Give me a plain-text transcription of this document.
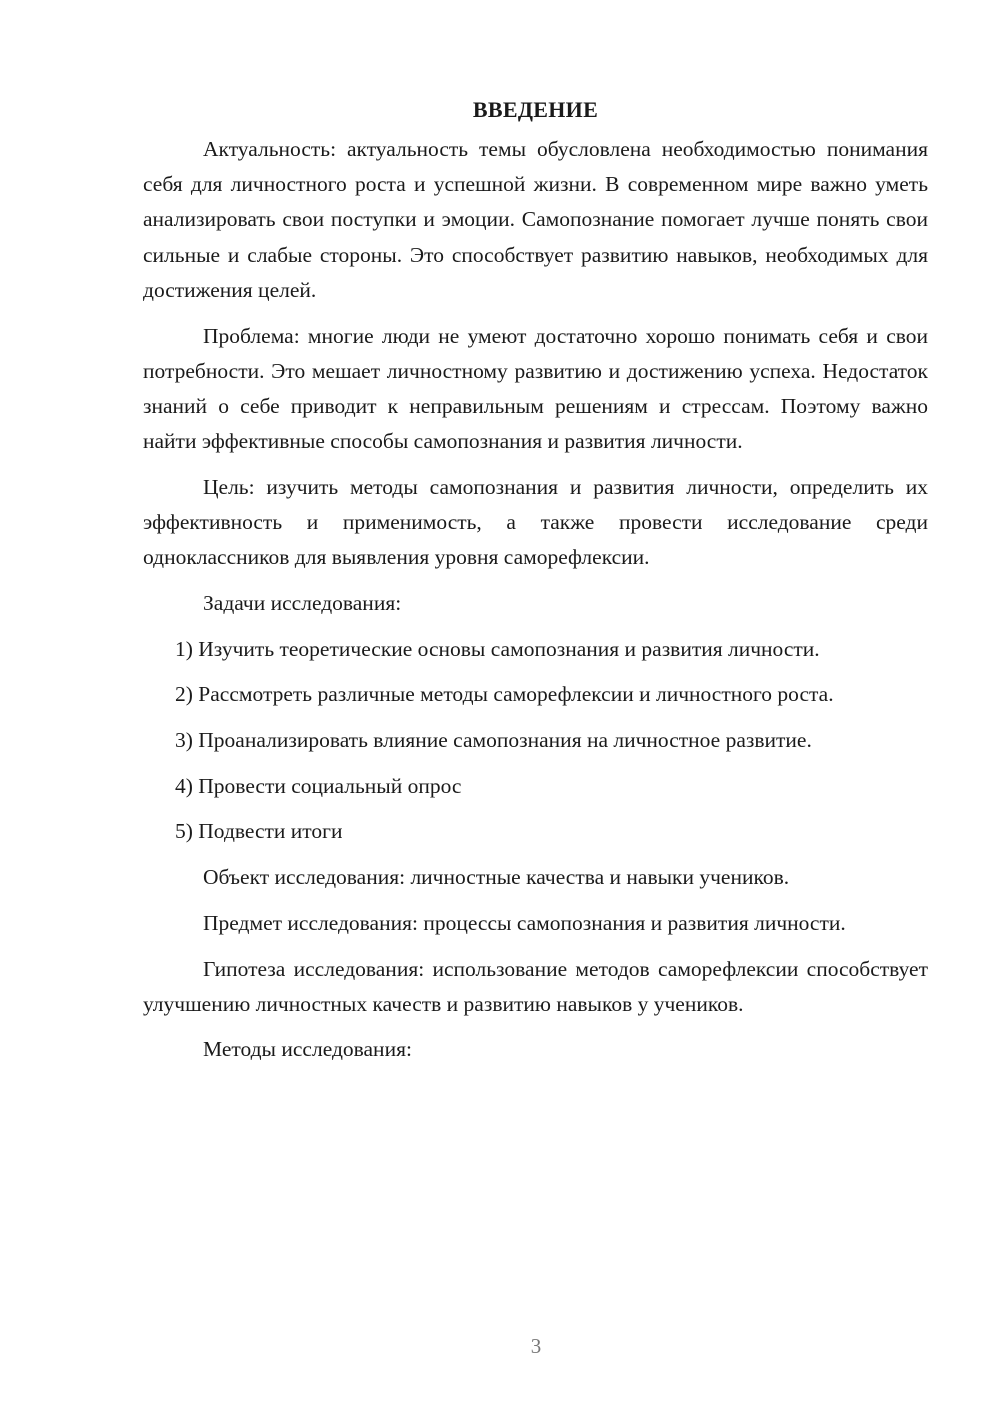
ВВЕДЕНИЕ

Актуальность: актуальность темы обусловлена необходимостью понимания себя для личностного роста и успешной жизни. В современном мире важно уметь анализировать свои поступки и эмоции. Самопознание помогает лучше понять свои сильные и слабые стороны. Это способствует развитию навыков, необходимых для достижения целей.

Проблема: многие люди не умеют достаточно хорошо понимать себя и свои потребности. Это мешает личностному развитию и достижению успеха. Недостаток знаний о себе приводит к неправильным решениям и стрессам. Поэтому важно найти эффективные способы самопознания и развития личности.

Цель: изучить методы самопознания и развития личности, определить их эффективность и применимость, а также провести исследование среди одноклассников для выявления уровня саморефлексии.

Задачи исследования:

1) Изучить теоретические основы самопознания и развития личности.

2) Рассмотреть различные методы саморефлексии и личностного роста.

3) Проанализировать влияние самопознания на личностное развитие.

4) Провести социальный опрос

5) Подвести итоги

Объект исследования: личностные качества и навыки учеников.

Предмет исследования: процессы самопознания и развития личности.

Гипотеза исследования: использование методов саморефлексии способствует улучшению личностных качеств и развитию навыков у учеников.

Методы исследования:

3
